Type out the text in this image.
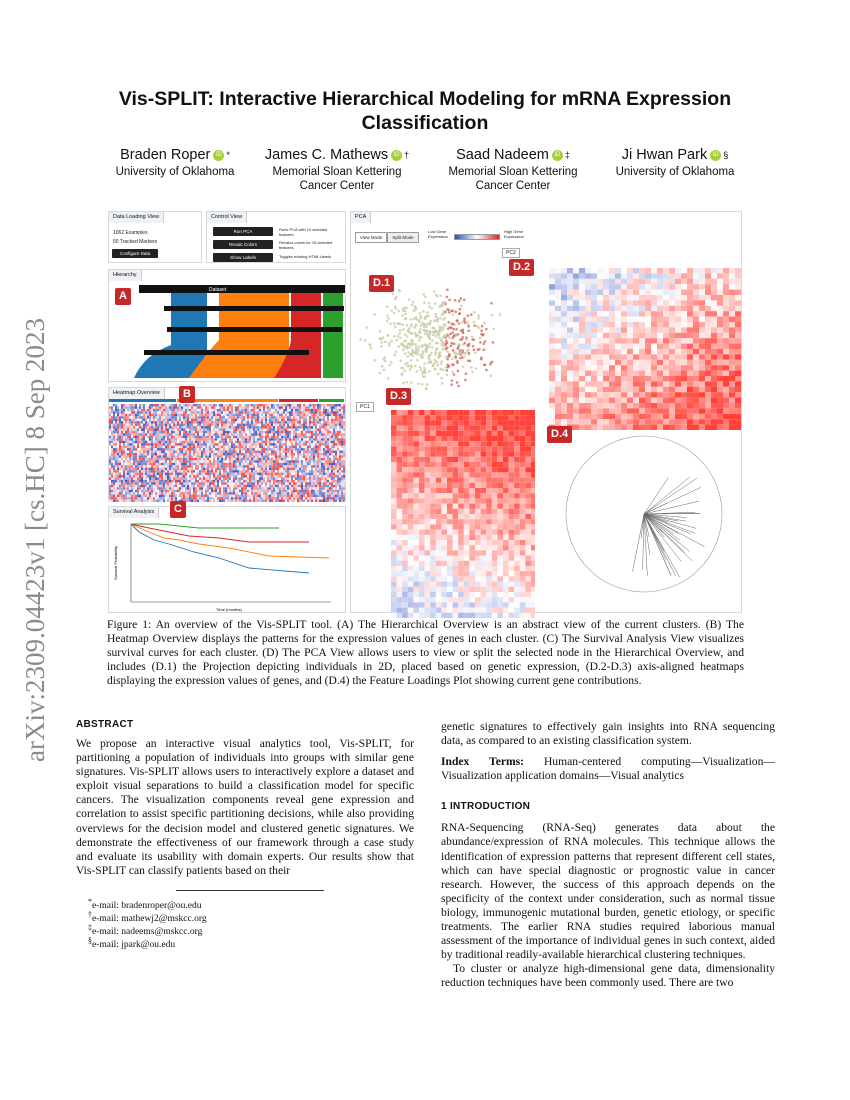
arXiv:2309.04423v1 [cs.HC] 8 Sep 2023
Vis-SPLIT: Interactive Hierarchical Modeling for mRNA Expression Classification
Braden Roper iD *
University of Oklahoma
James C. Mathews iD †
Memorial Sloan Kettering Cancer Center
Saad Nadeem iD ‡
Memorial Sloan Kettering Cancer Center
Ji Hwan Park iD §
University of Oklahoma
Data Loading View
1062 Examples
50 Tracked Markers
Configure Data
Control View
Run PCA
Recalc Colors
Show Labels
Runs PCA with 10 selected features
Recalcs colors for 15 selected features
Toggles existing HTML labels
Hierarchy
Dataset
Heatmap Overview
Survival Analysis
Time (months)
Survival Probability
PCA
View Mode	Split Mode
Low Gene Expression
High Gene Expression
PC2
PC1
A
B
C
D.1
D.2
D.3
D.4
Figure 1: An overview of the Vis-SPLIT tool. (A) The Hierarchical Overview is an abstract view of the current clusters. (B) The Heatmap Overview displays the patterns for the expression values of genes in each cluster. (C) The Survival Analysis View visualizes survival curves for each cluster. (D) The PCA View allows users to view or split the selected node in the Hierarchical Overview, and includes (D.1) the Projection depicting individuals in 2D, placed based on genetic expression, (D.2-D.3) axis-aligned heatmaps displaying the expression values of genes, and (D.4) the Feature Loadings Plot showing current gene contributions.
ABSTRACT
We propose an interactive visual analytics tool, Vis-SPLIT, for partitioning a population of individuals into groups with similar gene signatures. Vis-SPLIT allows users to interactively explore a dataset and exploit visual separations to build a classification model for specific cancers. The visualization components reveal gene expression and correlation to assist specific partitioning decisions, while also providing overviews for the decision model and clustered genetic signatures. We demonstrate the effectiveness of our framework through a case study and evaluate its usability with domain experts. Our results show that Vis-SPLIT can classify patients based on their
*e-mail: bradenroper@ou.edu
†e-mail: mathewj2@mskcc.org
‡e-mail: nadeems@mskcc.org
§e-mail: jpark@ou.edu
genetic signatures to effectively gain insights into RNA sequencing data, as compared to an existing classification system.
Index Terms: Human-centered computing—Visualization—Visualization application domains—Visual analytics
1 INTRODUCTION
RNA-Sequencing (RNA-Seq) generates data about the abundance/expression of RNA molecules. This technique allows the identification of expression patterns that represent different cell states, which can have special diagnostic or prognostic value in cancer research. However, the success of this approach depends on the specificity of the context under consideration, such as normal tissue biology, immunogenic mutational burden, genetic etiology, or specific treatments. The earlier RNA studies required laborious manual assessment of the importance of individual genes in such context, aided by traditional readily-available hierarchical clustering techniques.
To cluster or analyze high-dimensional gene data, dimensionality reduction techniques have been commonly used. There are two
